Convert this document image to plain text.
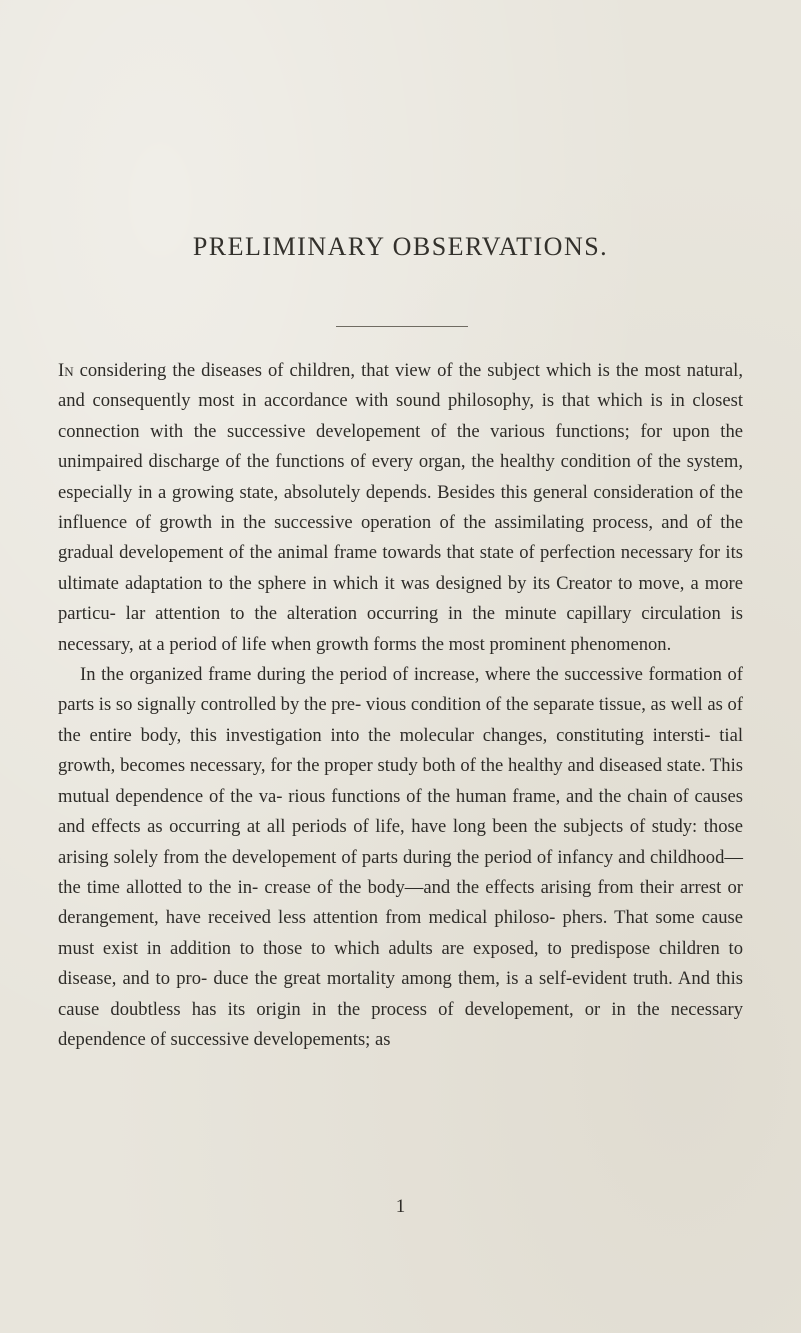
PRELIMINARY OBSERVATIONS.

In considering the diseases of children, that view of the subject which is the most natural, and consequently most in accordance with sound philosophy, is that which is in closest connection with the successive developement of the various functions; for upon the unimpaired discharge of the functions of every organ, the healthy condition of the system, especially in a growing state, absolutely depends. Besides this general consideration of the influence of growth in the successive operation of the assimilating process, and of the gradual developement of the animal frame towards that state of perfection necessary for its ultimate adaptation to the sphere in which it was designed by its Creator to move, a more particu- lar attention to the alteration occurring in the minute capillary circulation is necessary, at a period of life when growth forms the most prominent phenomenon.

In the organized frame during the period of increase, where the successive formation of parts is so signally controlled by the pre- vious condition of the separate tissue, as well as of the entire body, this investigation into the molecular changes, constituting intersti- tial growth, becomes necessary, for the proper study both of the healthy and diseased state. This mutual dependence of the va- rious functions of the human frame, and the chain of causes and effects as occurring at all periods of life, have long been the subjects of study: those arising solely from the developement of parts during the period of infancy and childhood—the time allotted to the in- crease of the body—and the effects arising from their arrest or derangement, have received less attention from medical philoso- phers. That some cause must exist in addition to those to which adults are exposed, to predispose children to disease, and to pro- duce the great mortality among them, is a self-evident truth. And this cause doubtless has its origin in the process of developement, or in the necessary dependence of successive developements; as

1
